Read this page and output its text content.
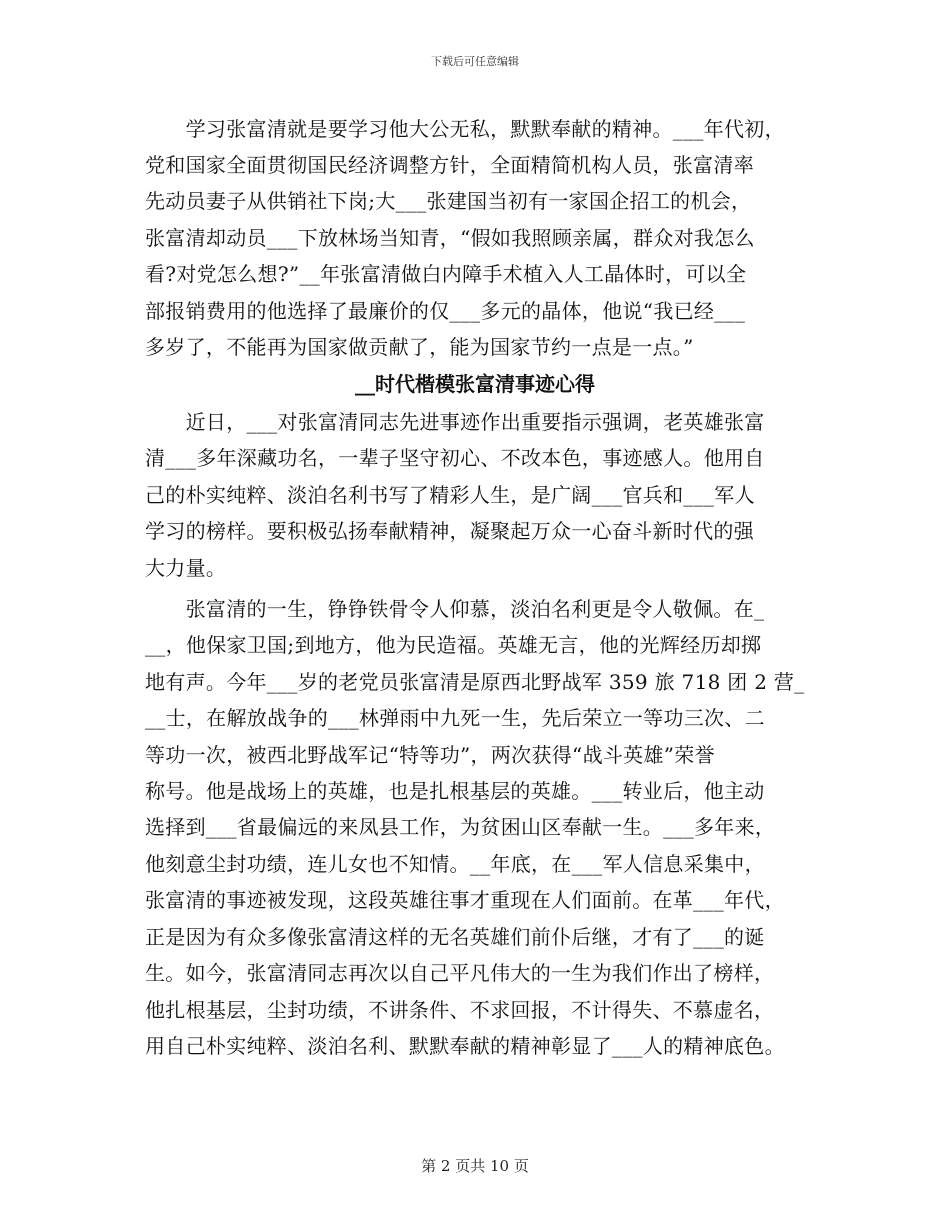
下载后可任意编辑
　　学习张富清就是要学习他大公无私，默默奉献的精神。___年代初，
党和国家全面贯彻国民经济调整方针，全面精简机构人员，张富清率
先动员妻子从供销社下岗;大___张建国当初有一家国企招工的机会，
张富清却动员___下放林场当知青，“假如我照顾亲属，群众对我怎么
看?对党怎么想?”__年张富清做白内障手术植入人工晶体时，可以全
部报销费用的他选择了最廉价的仅___多元的晶体，他说“我已经___
多岁了，不能再为国家做贡献了，能为国家节约一点是一点。”
__时代楷模张富清事迹心得
　　近日，___对张富清同志先进事迹作出重要指示强调，老英雄张富
清___多年深藏功名，一辈子坚守初心、不改本色，事迹感人。他用自
己的朴实纯粹、淡泊名利书写了精彩人生，是广阔___官兵和___军人
学习的榜样。要积极弘扬奉献精神，凝聚起万众一心奋斗新时代的强
大力量。
　　张富清的一生，铮铮铁骨令人仰慕，淡泊名利更是令人敬佩。在_
__，他保家卫国;到地方，他为民造福。英雄无言，他的光辉经历却掷
地有声。今年___岁的老党员张富清是原西北野战军 359 旅 718 团 2 营_
__士，在解放战争的___林弹雨中九死一生，先后荣立一等功三次、二
等功一次，被西北野战军记“特等功”，两次获得“战斗英雄”荣誉
称号。他是战场上的英雄，也是扎根基层的英雄。___转业后，他主动
选择到___省最偏远的来凤县工作，为贫困山区奉献一生。___多年来，
他刻意尘封功绩，连儿女也不知情。__年底，在___军人信息采集中，
张富清的事迹被发现，这段英雄往事才重现在人们面前。在革___年代，
正是因为有众多像张富清这样的无名英雄们前仆后继，才有了___的诞
生。如今，张富清同志再次以自己平凡伟大的一生为我们作出了榜样，
他扎根基层，尘封功绩，不讲条件、不求回报，不计得失、不慕虚名，
用自己朴实纯粹、淡泊名利、默默奉献的精神彰显了___人的精神底色。
第 2 页共 10 页
